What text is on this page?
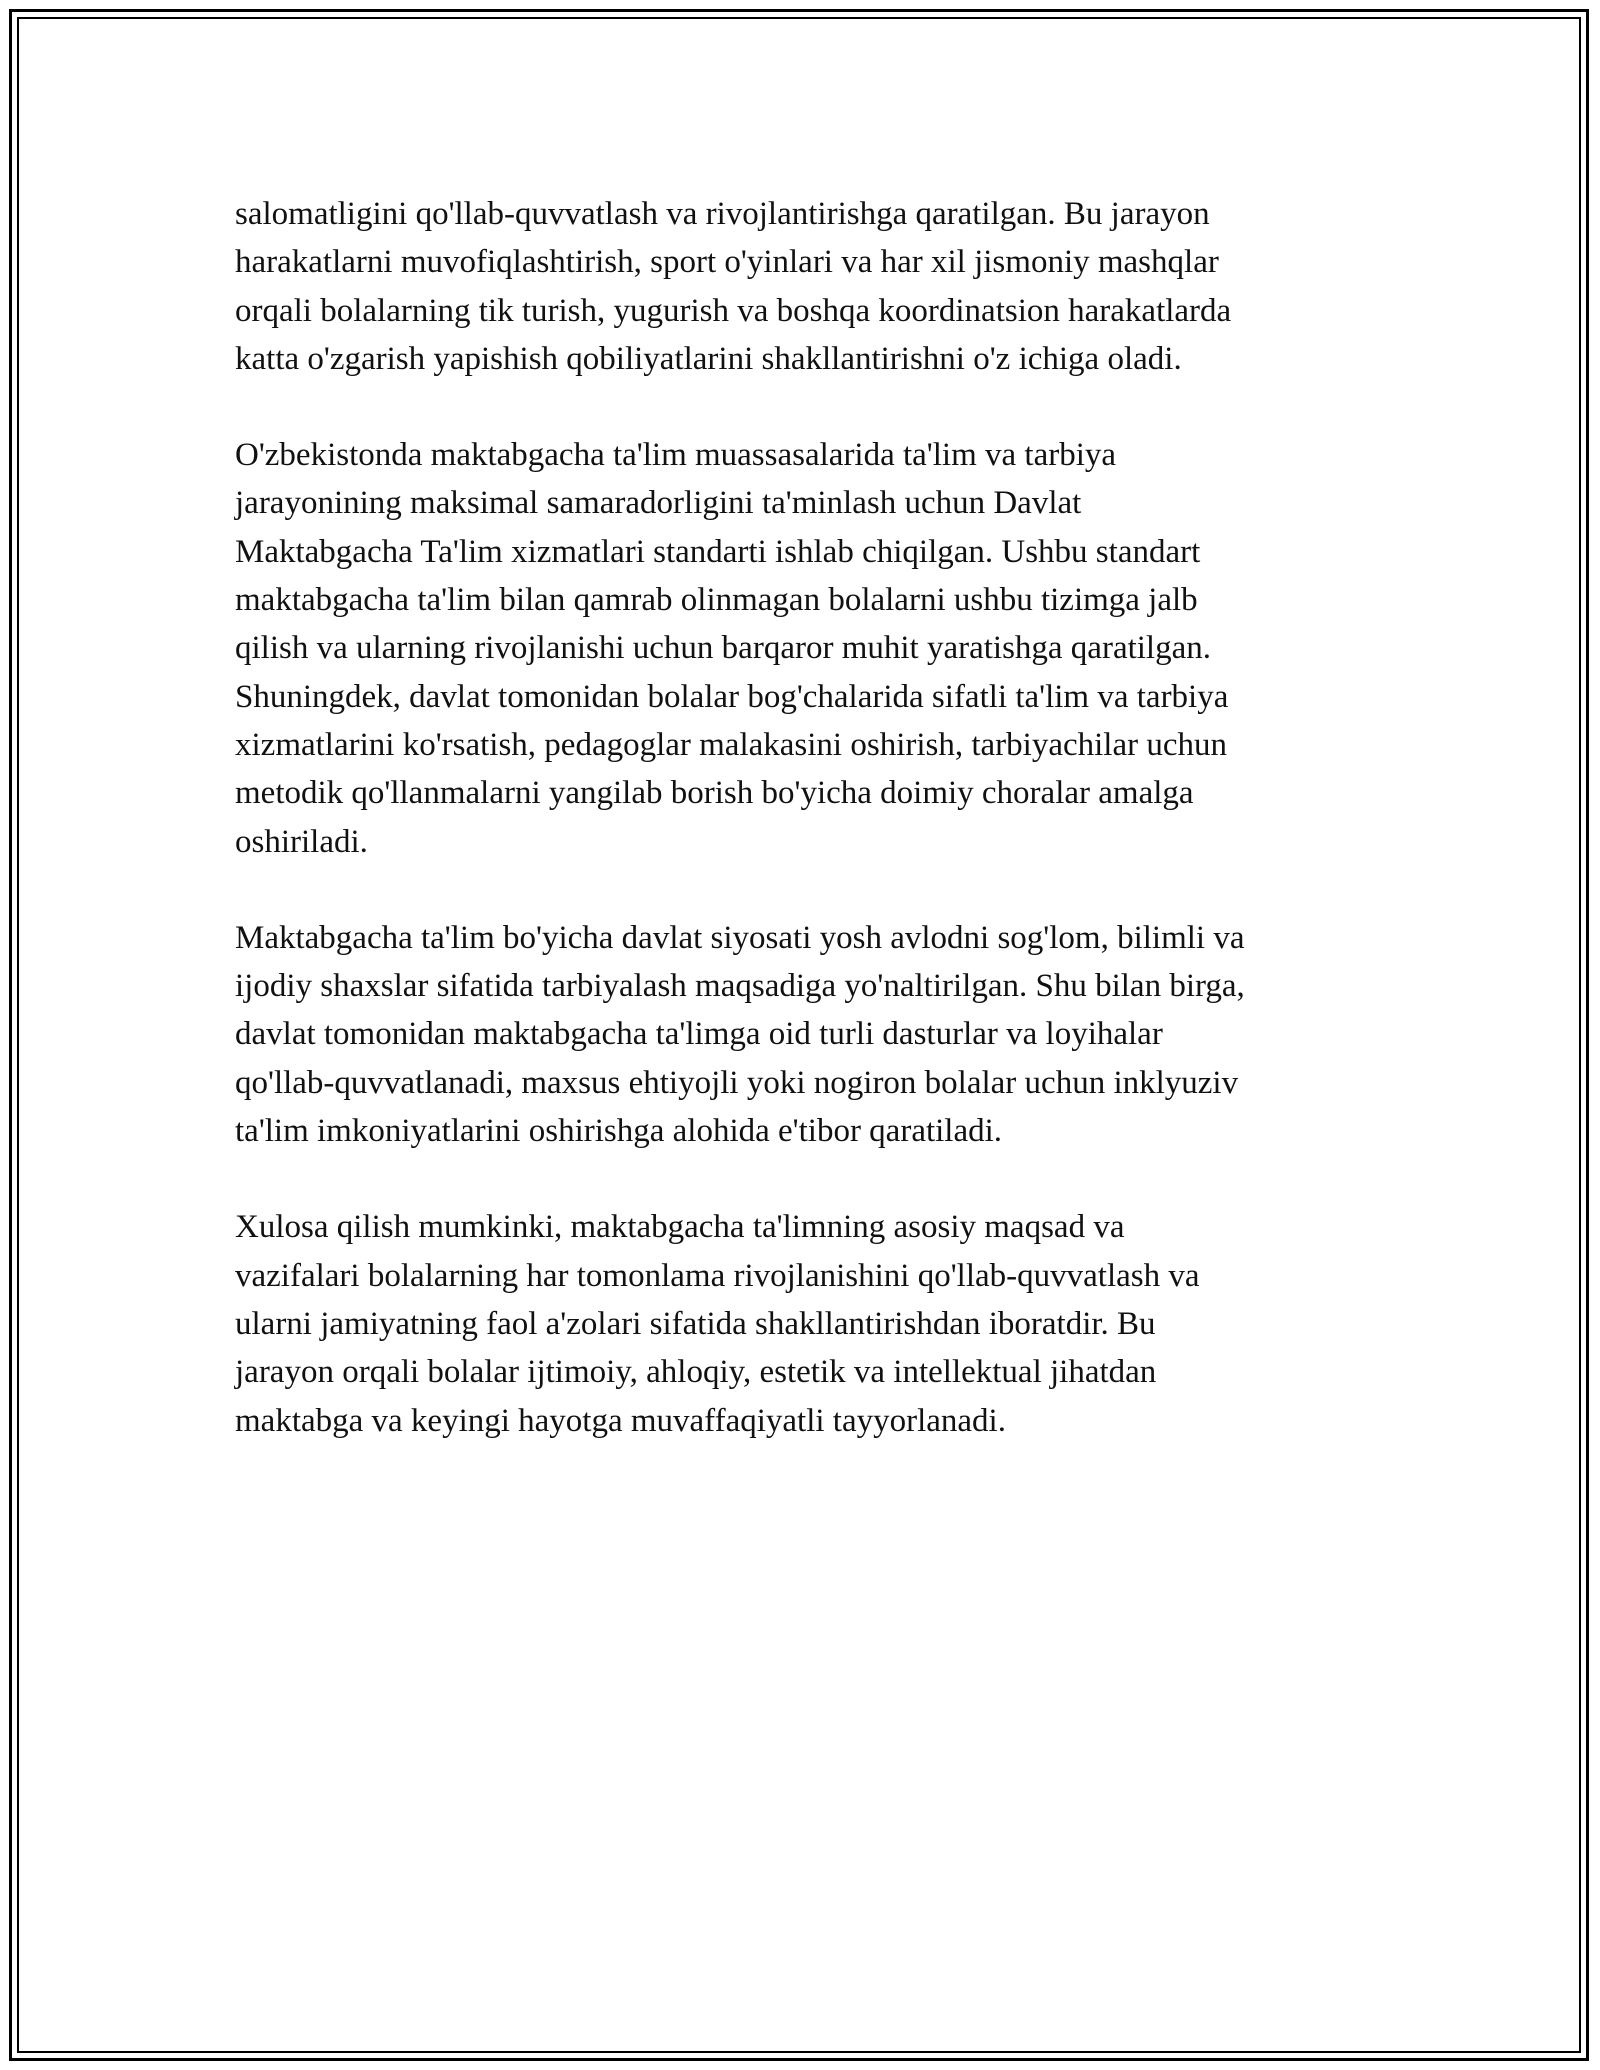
salomatligini qo'llab-quvvatlash va rivojlantirishga qaratilgan. Bu jarayon
harakatlarni muvofiqlashtirish, sport o'yinlari va har xil jismoniy mashqlar
orqali bolalarning tik turish, yugurish va boshqa koordinatsion harakatlarda
katta o'zgarish yapishish qobiliyatlarini shakllantirishni o'z ichiga oladi.

O'zbekistonda maktabgacha ta'lim muassasalarida ta'lim va tarbiya
jarayonining maksimal samaradorligini ta'minlash uchun Davlat
Maktabgacha Ta'lim xizmatlari standarti ishlab chiqilgan. Ushbu standart
maktabgacha ta'lim bilan qamrab olinmagan bolalarni ushbu tizimga jalb
qilish va ularning rivojlanishi uchun barqaror muhit yaratishga qaratilgan.
Shuningdek, davlat tomonidan bolalar bog'chalarida sifatli ta'lim va tarbiya
xizmatlarini ko'rsatish, pedagoglar malakasini oshirish, tarbiyachilar uchun
metodik qo'llanmalarni yangilab borish bo'yicha doimiy choralar amalga
oshiriladi.

Maktabgacha ta'lim bo'yicha davlat siyosati yosh avlodni sog'lom, bilimli va
ijodiy shaxslar sifatida tarbiyalash maqsadiga yo'naltirilgan. Shu bilan birga,
davlat tomonidan maktabgacha ta'limga oid turli dasturlar va loyihalar
qo'llab-quvvatlanadi, maxsus ehtiyojli yoki nogiron bolalar uchun inklyuziv
ta'lim imkoniyatlarini oshirishga alohida e'tibor qaratiladi.

Xulosa qilish mumkinki, maktabgacha ta'limning asosiy maqsad va
vazifalari bolalarning har tomonlama rivojlanishini qo'llab-quvvatlash va
ularni jamiyatning faol a'zolari sifatida shakllantirishdan iboratdir. Bu
jarayon orqali bolalar ijtimoiy, ahloqiy, estetik va intellektual jihatdan
maktabga va keyingi hayotga muvaffaqiyatli tayyorlanadi.
